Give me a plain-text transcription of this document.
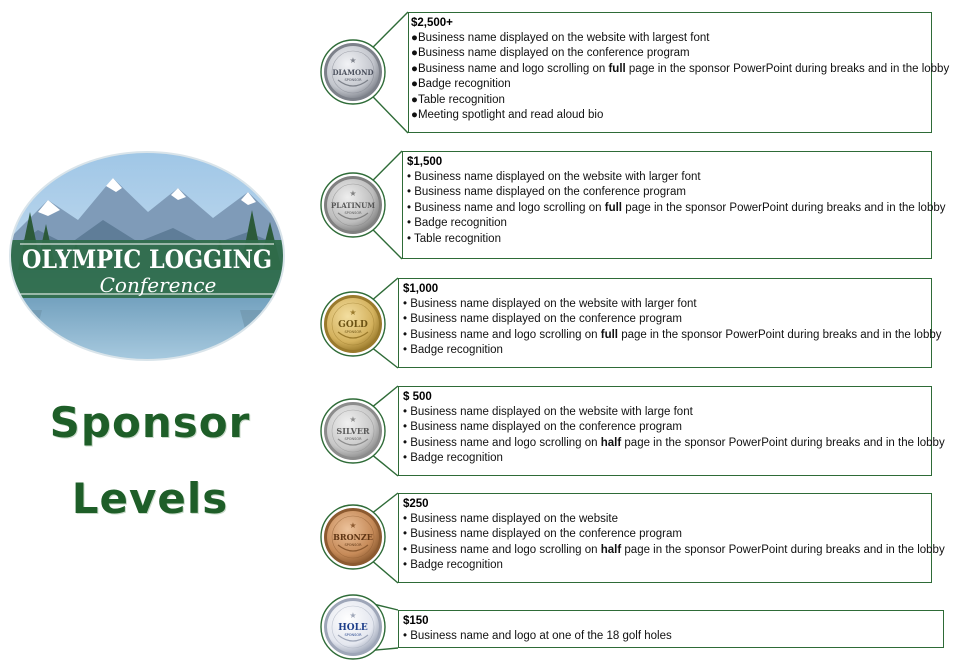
OLYMPIC LOGGING
Conference
Sponsor
Levels
★
DIAMOND
SPONSOR
$2,500+
●Business name displayed on the website with largest font
●Business name displayed on the conference program
●Business name and logo scrolling on full page in the sponsor PowerPoint during breaks and in the lobby
●Badge recognition
●Table recognition
●Meeting spotlight and read aloud bio
★
PLATINUM
SPONSOR
$1,500
• Business name displayed on the website with larger font
• Business name displayed on the conference program
• Business name and logo scrolling on full page in the sponsor PowerPoint during breaks and in the lobby
• Badge recognition
• Table recognition
★
GOLD
SPONSOR
$1,000
• Business name displayed on the website with larger font
• Business name displayed on the conference program
• Business name and logo scrolling on full page in the sponsor PowerPoint during breaks and in the lobby
• Badge recognition
★
SILVER
SPONSOR
$ 500
• Business name displayed on the website with large font
• Business name displayed on the conference program
• Business name and logo scrolling on half page in the sponsor PowerPoint during breaks and in the lobby
• Badge recognition
★
BRONZE
SPONSOR
$250
• Business name displayed on the website
• Business name displayed on the conference program
• Business name and logo scrolling on half page in the sponsor PowerPoint during breaks and in the lobby
• Badge recognition
★
HOLE
SPONSOR
$150
• Business name and logo at one of the 18 golf holes
